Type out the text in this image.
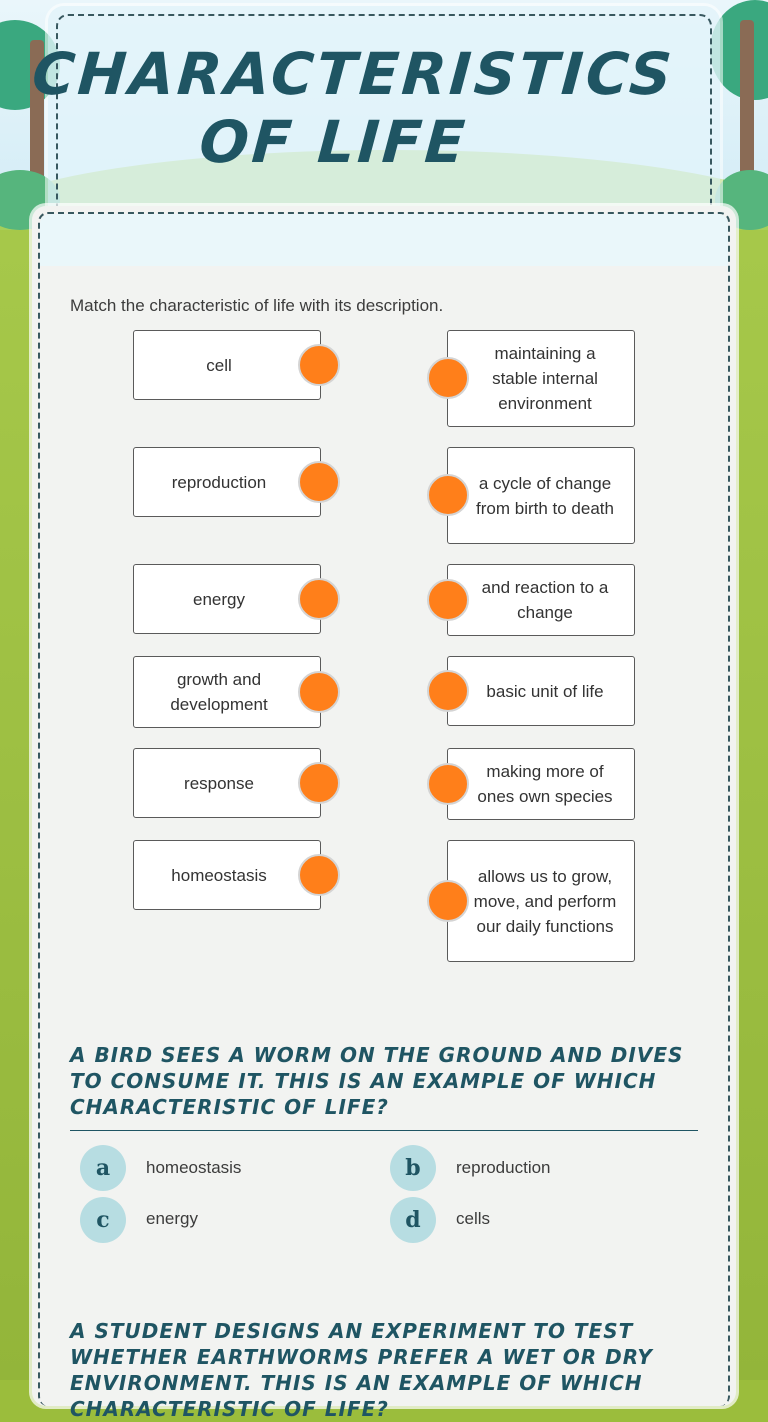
CHARACTERISTICS OF LIFE

Match the characteristic of life with its description.

cell
reproduction
energy
growth and development
response
homeostasis
maintaining a stable internal environment
a cycle of change from birth to death
and reaction to a change
basic unit of life
making more of ones own species
allows us to grow, move, and perform our daily functions

A BIRD SEES A WORM ON THE GROUND AND DIVES TO CONSUME IT. THIS IS AN EXAMPLE OF WHICH CHARACTERISTIC OF LIFE?

a	homeostasis	b	reproduction
c	energy	d	cells

A STUDENT DESIGNS AN EXPERIMENT TO TEST WHETHER EARTHWORMS PREFER A WET OR DRY ENVIRONMENT. THIS IS AN EXAMPLE OF WHICH CHARACTERISTIC OF LIFE?
